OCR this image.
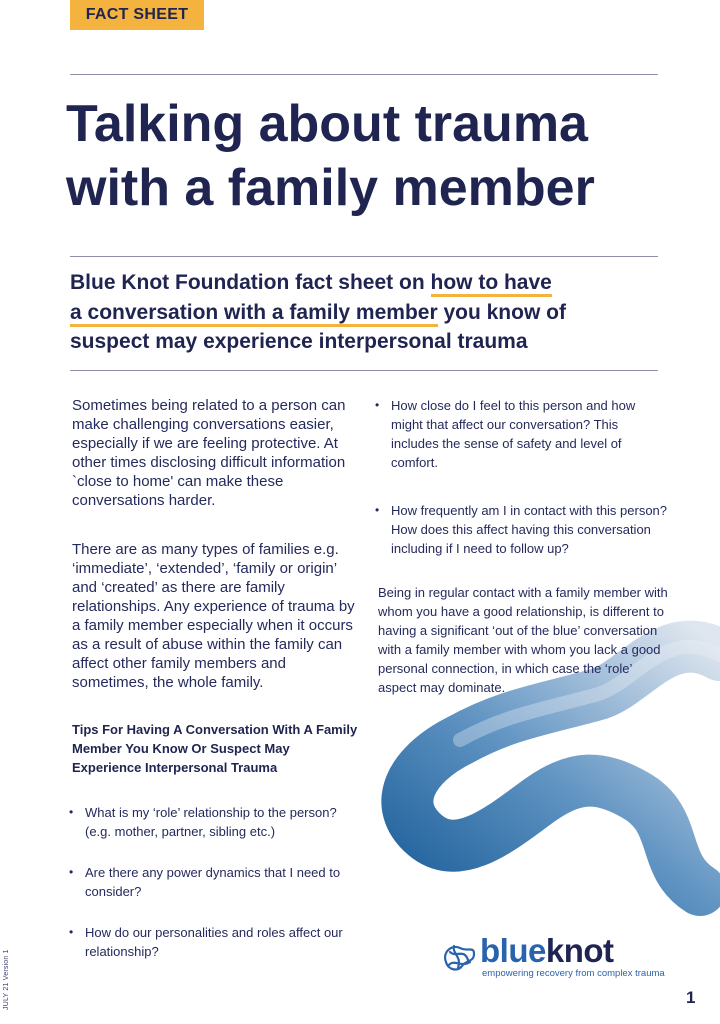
FACT SHEET
Talking about trauma with a family member

Blue Knot Foundation fact sheet on how to have
a conversation with a family member you know of suspect may experience interpersonal trauma

Sometimes being related to a person can make challenging conversations easier, especially if we are feeling protective. At other times disclosing difficult information `close to home' can make these conversations harder.

There are as many types of families e.g. ‘immediate’, ‘extended’, ‘family or origin’ and ‘created’ as there are family relationships. Any experience of trauma by a family member especially when it occurs as a result of abuse within the family can affect other family members and sometimes, the whole family.

Tips For Having A Conversation With A Family Member You Know Or Suspect May Experience Interpersonal Trauma
• What is my ‘role’ relationship to the person? (e.g. mother, partner, sibling etc.)
• Are there any power dynamics that I need to consider?
• How do our personalities and roles affect our relationship?
• How close do I feel to this person and how might that affect our conversation? This includes the sense of safety and level of comfort.
• How frequently am I in contact with this person? How does this affect having this conversation including if I need to follow up?

Being in regular contact with a family member with whom you have a good relationship, is different to having a significant ‘out of the blue’ conversation with a family member with whom you lack a good personal connection, in which case the ‘role’ aspect may dominate.

JULY 21 Version 1	blueknot
empowering recovery from complex trauma
1
